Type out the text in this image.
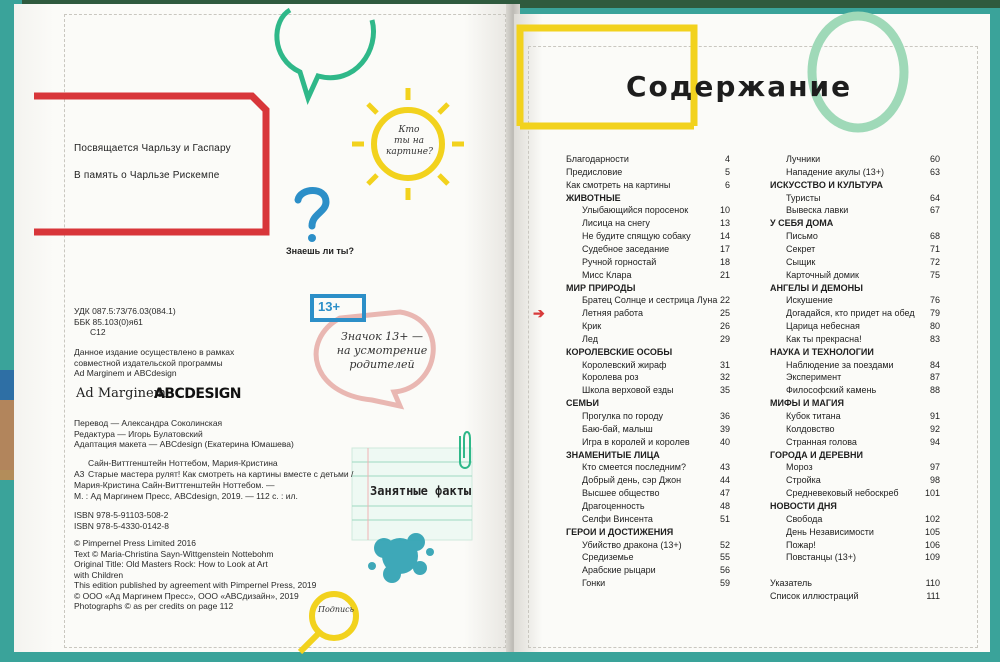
Посвящается Чарльзу и Гаспару
В память о Чарльзе Рискемпе
Кто
ты на
картине?
Знаешь ли ты?
13+
Значок 13+ —
на усмотрение
родителей
УДК 087.5:73/76.03(084.1)
ББК 85.103(0)я61
C12
Данное издание осуществлено в рамках
совместной издательской программы
Ad Marginem и ABCdesign
Ad Marginem
ABCDESIGN
Перевод — Александра Соколинская
Редактура — Игорь Булатовский
Адаптация макета — ABCdesign (Екатерина Юмашева)
Сайн-Виттгенштейн Ноттебом, Мария-Кристина
A3 Старые мастера рулят! Как смотреть на картины вместе с детьми /
Мария-Кристина Сайн-Виттгенштейн Ноттебом. —
М. : Ад Маргинем Пресс, ABCdesign, 2019. — 112 с. : ил.
ISBN 978-5-91103-508-2
ISBN 978-5-4330-0142-8
© Pimpernel Press Limited 2016
Text © Maria-Christina Sayn-Wittgenstein Nottebohm
Original Title: Old Masters Rock: How to Look at Art
with Children
This edition published by agreement with Pimpernel Press, 2019
© ООО «Ад Маргинем Пресс», ООО «ABCдизайн», 2019
Photographs © as per credits on page 112
Занятные факты
Подпись
Содержание
➔
Благодарности	4
Предисловие	5
Как смотреть на картины	6
ЖИВОТНЫЕ
Улыбающийся поросенок	10
Лисица на снегу	13
Не будите спящую собаку	14
Судебное заседание	17
Ручной горностай	18
Мисс Клара	21
МИР ПРИРОДЫ
Братец Солнце и сестрица Луна 22
Летняя работа	25
Крик	26
Лед	29
КОРОЛЕВСКИЕ ОСОБЫ
Королевский жираф	31
Королева роз	32
Школа верховой езды	35
СЕМЬИ
Прогулка по городу	36
Баю-бай, малыш	39
Игра в королей и королев	40
ЗНАМЕНИТЫЕ ЛИЦА
Кто смеется последним?	43
Добрый день, сэр Джон	44
Высшее общество	47
Драгоценность	48
Селфи Винсента	51
ГЕРОИ И ДОСТИЖЕНИЯ
Убийство дракона (13+)	52
Средиземье	55
Арабские рыцари	56
Гонки	59
Лучники	60
Нападение акулы (13+)	63
ИСКУССТВО И КУЛЬТУРА
Туристы	64
Вывеска лавки	67
У СЕБЯ ДОМА
Письмо	68
Секрет	71
Сыщик	72
Карточный домик	75
АНГЕЛЫ И ДЕМОНЫ
Искушение	76
Догадайся, кто придет на обед	79
Царица небесная	80
Как ты прекрасна!	83
НАУКА И ТЕХНОЛОГИИ
Наблюдение за поездами	84
Эксперимент	87
Философский камень	88
МИФЫ И МАГИЯ
Кубок титана	91
Колдовство	92
Странная голова	94
ГОРОДА И ДЕРЕВНИ
Мороз	97
Стройка	98
Средневековый небоскреб	101
НОВОСТИ ДНЯ
Свобода	102
День Независимости	105
Пожар!	106
Повстанцы (13+)	109
Указатель	110
Список иллюстраций	111
